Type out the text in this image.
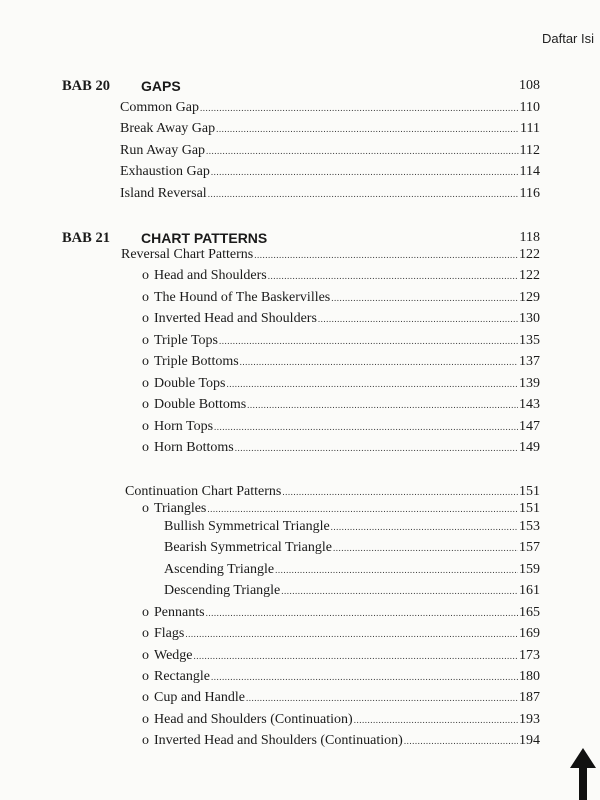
Daftar Isi
BAB 20 GAPS	108
Common Gap .....	110
Break Away Gap .....	111
Run Away Gap .....	112
Exhaustion Gap .....	114
Island Reversal .....	116
BAB 21 CHART PATTERNS	118
Reversal Chart Patterns .....	122
o Head and Shoulders .....	122
o The Hound of The Baskervilles .....	129
o Inverted Head and Shoulders .....	130
o Triple Tops .....	135
o Triple Bottoms .....	137
o Double Tops .....	139
o Double Bottoms .....	143
o Horn Tops .....	147
o Horn Bottoms .....	149
Continuation Chart Patterns .....	151
o Triangles .....	151
Bullish Symmetrical Triangle .....	153
Bearish Symmetrical Triangle .....	157
Ascending Triangle .....	159
Descending Triangle .....	161
o Pennants .....	165
o Flags .....	169
o Wedge .....	173
o Rectangle .....	180
o Cup and Handle .....	187
o Head and Shoulders (Continuation) .....	193
o Inverted Head and Shoulders (Continuation) .....	194
